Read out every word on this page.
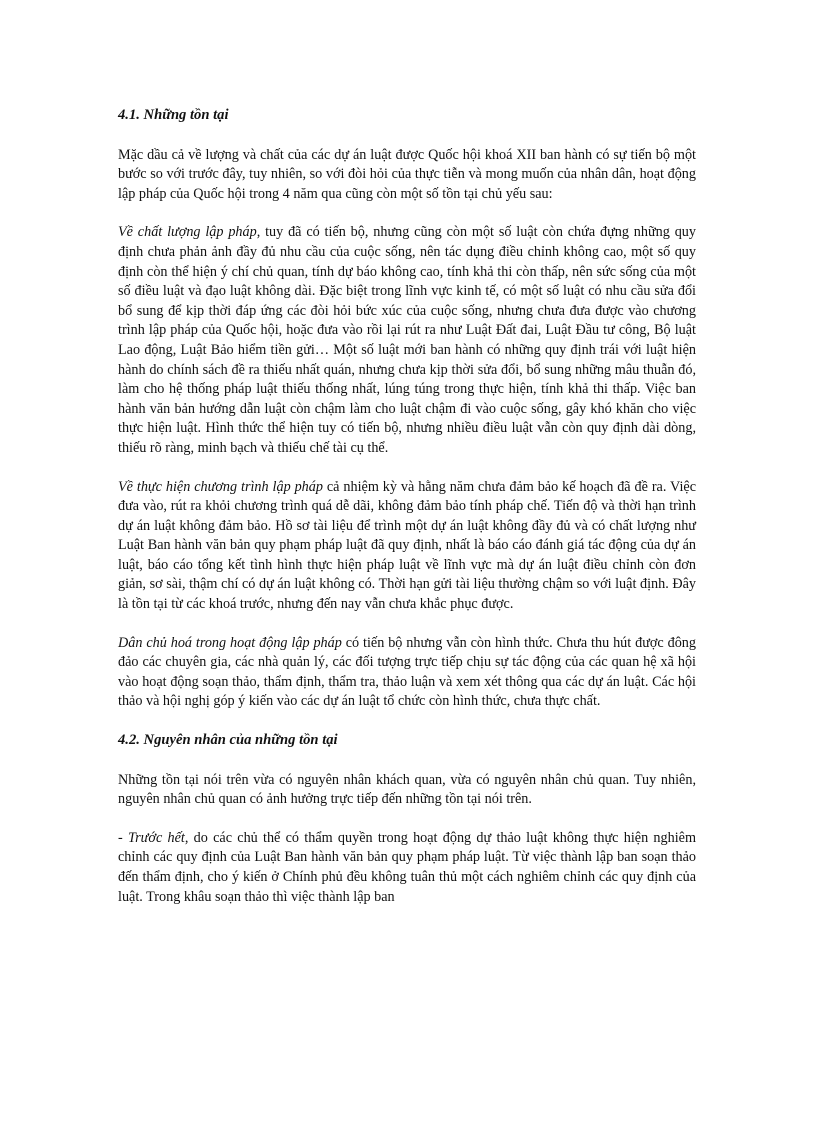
4.1. Những tồn tại

Mặc dầu cả về lượng và chất của các dự án luật được Quốc hội khoá XII ban hành có sự tiến bộ một bước so với trước đây, tuy nhiên, so với đòi hỏi của thực tiễn và mong muốn của nhân dân, hoạt động lập pháp của Quốc hội trong 4 năm qua cũng còn một số tồn tại chủ yếu sau:

Về chất lượng lập pháp, tuy đã có tiến bộ, nhưng cũng còn một số luật còn chứa đựng những quy định chưa phản ảnh đầy đủ nhu cầu của cuộc sống, nên tác dụng điều chỉnh không cao, một số quy định còn thể hiện ý chí chủ quan, tính dự báo không cao, tính khả thi còn thấp, nên sức sống của một số điều luật và đạo luật không dài. Đặc biệt trong lĩnh vực kinh tế, có một số luật có nhu cầu sửa đổi bổ sung để kịp thời đáp ứng các đòi hỏi bức xúc của cuộc sống, nhưng chưa đưa được vào chương trình lập pháp của Quốc hội, hoặc đưa vào rồi lại rút ra như Luật Đất đai, Luật Đầu tư công, Bộ luật Lao động, Luật Bảo hiểm tiền gửi… Một số luật mới ban hành có những quy định trái với luật hiện hành do chính sách đề ra thiếu nhất quán, nhưng chưa kịp thời sửa đổi, bổ sung những mâu thuẫn đó, làm cho hệ thống pháp luật thiếu thống nhất, lúng túng trong thực hiện, tính khả thi thấp. Việc ban hành văn bản hướng dẫn luật còn chậm làm cho luật chậm đi vào cuộc sống, gây khó khăn cho việc thực hiện luật. Hình thức thể hiện tuy có tiến bộ, nhưng nhiều điều luật vẫn còn quy định dài dòng, thiếu rõ ràng, minh bạch và thiếu chế tài cụ thể.

Về thực hiện chương trình lập pháp cả nhiệm kỳ và hằng năm chưa đảm bảo kế hoạch đã đề ra. Việc đưa vào, rút ra khỏi chương trình quá dễ dãi, không đảm bảo tính pháp chế. Tiến độ và thời hạn trình dự án luật không đảm bảo. Hồ sơ tài liệu để trình một dự án luật không đầy đủ và có chất lượng như Luật Ban hành văn bản quy phạm pháp luật đã quy định, nhất là báo cáo đánh giá tác động của dự án luật, báo cáo tổng kết tình hình thực hiện pháp luật về lĩnh vực mà dự án luật điều chỉnh còn đơn giản, sơ sài, thậm chí có dự án luật không có. Thời hạn gửi tài liệu thường chậm so với luật định. Đây là tồn tại từ các khoá trước, nhưng đến nay vẫn chưa khắc phục được.

Dân chủ hoá trong hoạt động lập pháp có tiến bộ nhưng vẫn còn hình thức. Chưa thu hút được đông đảo các chuyên gia, các nhà quản lý, các đối tượng trực tiếp chịu sự tác động của các quan hệ xã hội vào hoạt động soạn thảo, thẩm định, thẩm tra, thảo luận và xem xét thông qua các dự án luật. Các hội thảo và hội nghị góp ý kiến vào các dự án luật tổ chức còn hình thức, chưa thực chất.

4.2. Nguyên nhân của những tồn tại

Những tồn tại nói trên vừa có nguyên nhân khách quan, vừa có nguyên nhân chủ quan. Tuy nhiên, nguyên nhân chủ quan có ảnh hưởng trực tiếp đến những tồn tại nói trên.

- Trước hết, do các chủ thể có thẩm quyền trong hoạt động dự thảo luật không thực hiện nghiêm chỉnh các quy định của Luật Ban hành văn bản quy phạm pháp luật. Từ việc thành lập ban soạn thảo đến thẩm định, cho ý kiến ở Chính phủ đều không tuân thủ một cách nghiêm chỉnh các quy định của luật. Trong khâu soạn thảo thì việc thành lập ban
